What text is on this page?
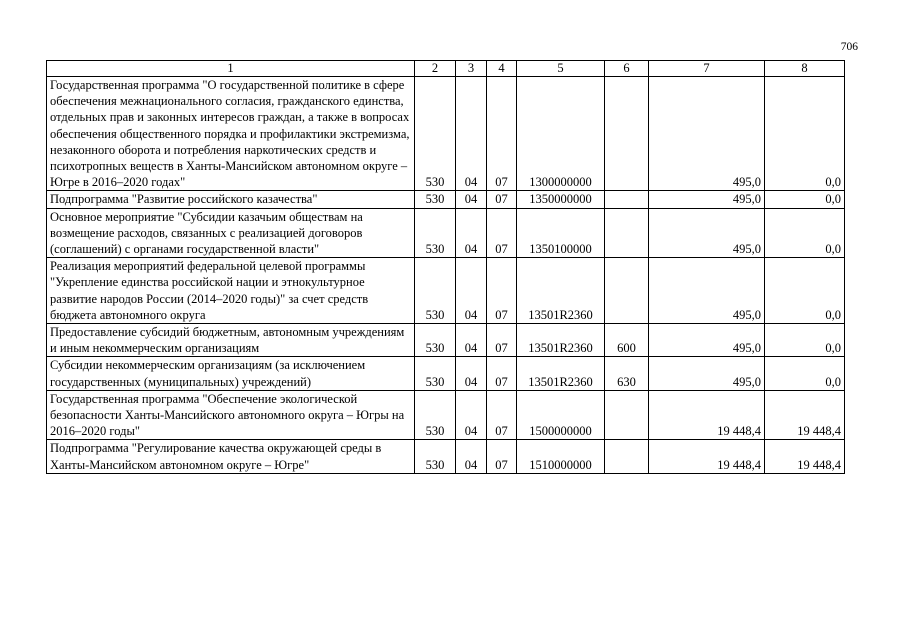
706
1	2	3	4	5	6	7	8
Государственная программа "О государственной политике в сфере обеспечения межнационального согласия, гражданского единства, отдельных прав и законных интересов граждан, а также в вопросах обеспечения общественного порядка и профилактики экстремизма, незаконного оборота и потребления наркотических средств и психотропных веществ в Ханты-Мансийском автономном округе – Югре в 2016–2020 годах"	530	04	07	1300000000		495,0	0,0
Подпрограмма "Развитие российского казачества"	530	04	07	1350000000		495,0	0,0
Основное мероприятие "Субсидии казачьим обществам на возмещение расходов, связанных с реализацией договоров (соглашений) с органами государственной власти"	530	04	07	1350100000		495,0	0,0
Реализация мероприятий федеральной целевой программы "Укрепление единства российской нации и этнокультурное развитие народов России (2014–2020 годы)" за счет средств бюджета автономного округа	530	04	07	13501R2360		495,0	0,0
Предоставление субсидий бюджетным, автономным учреждениям и иным некоммерческим организациям	530	04	07	13501R2360	600	495,0	0,0
Субсидии некоммерческим организациям (за исключением государственных (муниципальных) учреждений)	530	04	07	13501R2360	630	495,0	0,0
Государственная программа "Обеспечение экологической безопасности Ханты-Мансийского автономного округа – Югры на 2016–2020 годы"	530	04	07	1500000000		19 448,4	19 448,4
Подпрограмма "Регулирование качества окружающей среды в Ханты-Мансийском автономном округе – Югре"	530	04	07	1510000000		19 448,4	19 448,4
